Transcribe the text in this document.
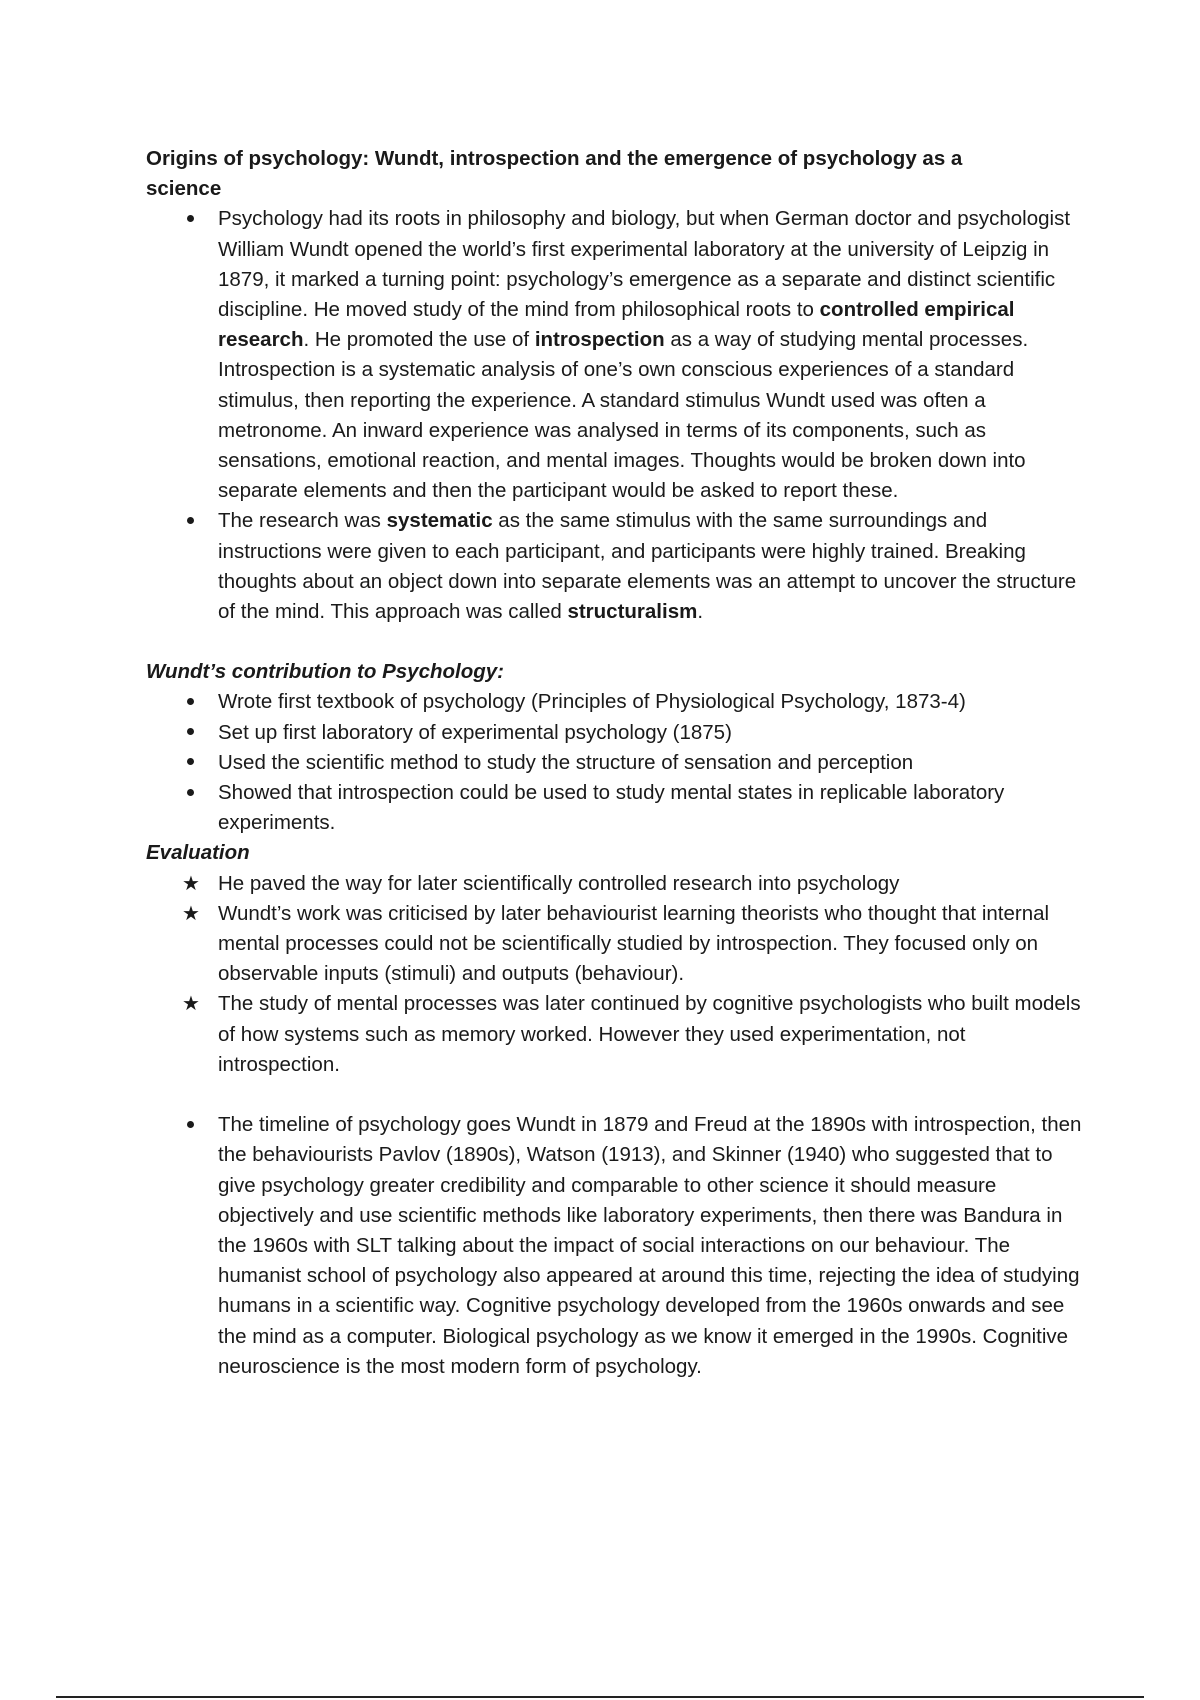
Origins of psychology: Wundt, introspection and the emergence of psychology as a
science

Psychology had its roots in philosophy and biology, but when German doctor and psychologist William Wundt opened the world’s first experimental laboratory at the university of Leipzig in 1879, it marked a turning point: psychology’s emergence as a separate and distinct scientific discipline. He moved study of the mind from philosophical roots to controlled empirical research. He promoted the use of introspection as a way of studying mental processes. Introspection is a systematic analysis of one’s own conscious experiences of a standard stimulus, then reporting the experience. A standard stimulus Wundt used was often a metronome. An inward experience was analysed in terms of its components, such as sensations, emotional reaction, and mental images. Thoughts would be broken down into separate elements and then the participant would be asked to report these.
The research was systematic as the same stimulus with the same surroundings and instructions were given to each participant, and participants were highly trained. Breaking thoughts about an object down into separate elements was an attempt to uncover the structure of the mind. This approach was called structuralism.

Wundt’s contribution to Psychology:

Wrote first textbook of psychology (Principles of Physiological Psychology, 1873-4)
Set up first laboratory of experimental psychology (1875)
Used the scientific method to study the structure of sensation and perception
Showed that introspection could be used to study mental states in replicable laboratory experiments.

Evaluation

★ He paved the way for later scientifically controlled research into psychology
★ Wundt’s work was criticised by later behaviourist learning theorists who thought that internal mental processes could not be scientifically studied by introspection. They focused only on observable inputs (stimuli) and outputs (behaviour).
★ The study of mental processes was later continued by cognitive psychologists who built models of how systems such as memory worked. However they used experimentation, not introspection.
The timeline of psychology goes Wundt in 1879 and Freud at the 1890s with introspection, then the behaviourists Pavlov (1890s), Watson (1913), and Skinner (1940) who suggested that to give psychology greater credibility and comparable to other science it should measure objectively and use scientific methods like laboratory experiments, then there was Bandura in the 1960s with SLT talking about the impact of social interactions on our behaviour. The humanist school of psychology also appeared at around this time, rejecting the idea of studying humans in a scientific way. Cognitive psychology developed from the 1960s onwards and see the mind as a computer. Biological psychology as we know it emerged in the 1990s. Cognitive neuroscience is the most modern form of psychology.
